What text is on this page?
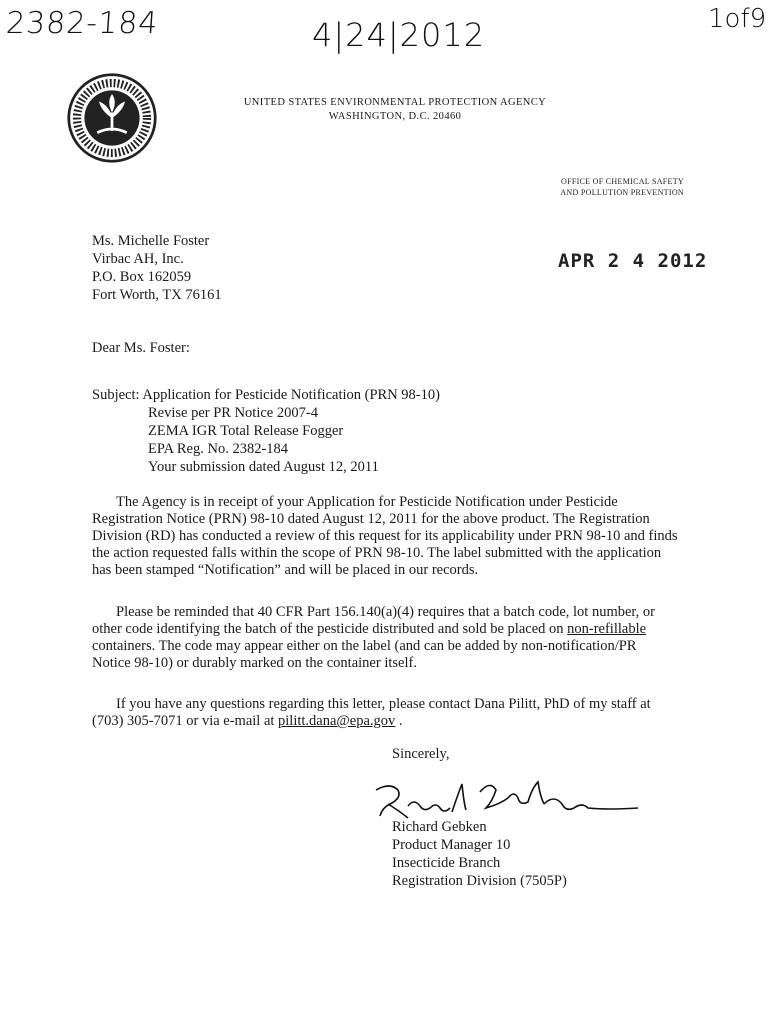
2382-184	4|24|2012	1of9
UNITED STATES ENVIRONMENTAL PROTECTION AGENCY
WASHINGTON, D.C. 20460
OFFICE OF CHEMICAL SAFETY
AND POLLUTION PREVENTION
Ms. Michelle Foster
Virbac AH, Inc.
P.O. Box 162059
Fort Worth, TX 76161
APR 2 4 2012
Dear Ms. Foster:
Subject: Application for Pesticide Notification (PRN 98-10)
Revise per PR Notice 2007-4
ZEMA IGR Total Release Fogger
EPA Reg. No. 2382-184
Your submission dated August 12, 2011
The Agency is in receipt of your Application for Pesticide Notification under Pesticide
Registration Notice (PRN) 98-10 dated August 12, 2011 for the above product. The Registration
Division (RD) has conducted a review of this request for its applicability under PRN 98-10 and finds
the action requested falls within the scope of PRN 98-10. The label submitted with the application
has been stamped “Notification” and will be placed in our records.
Please be reminded that 40 CFR Part 156.140(a)(4) requires that a batch code, lot number, or
other code identifying the batch of the pesticide distributed and sold be placed on non-refillable
containers. The code may appear either on the label (and can be added by non-notification/PR
Notice 98-10) or durably marked on the container itself.
If you have any questions regarding this letter, please contact Dana Pilitt, PhD of my staff at
(703) 305-7071 or via e-mail at pilitt.dana@epa.gov .
Sincerely,
Richard Gebken
Product Manager 10
Insecticide Branch
Registration Division (7505P)
